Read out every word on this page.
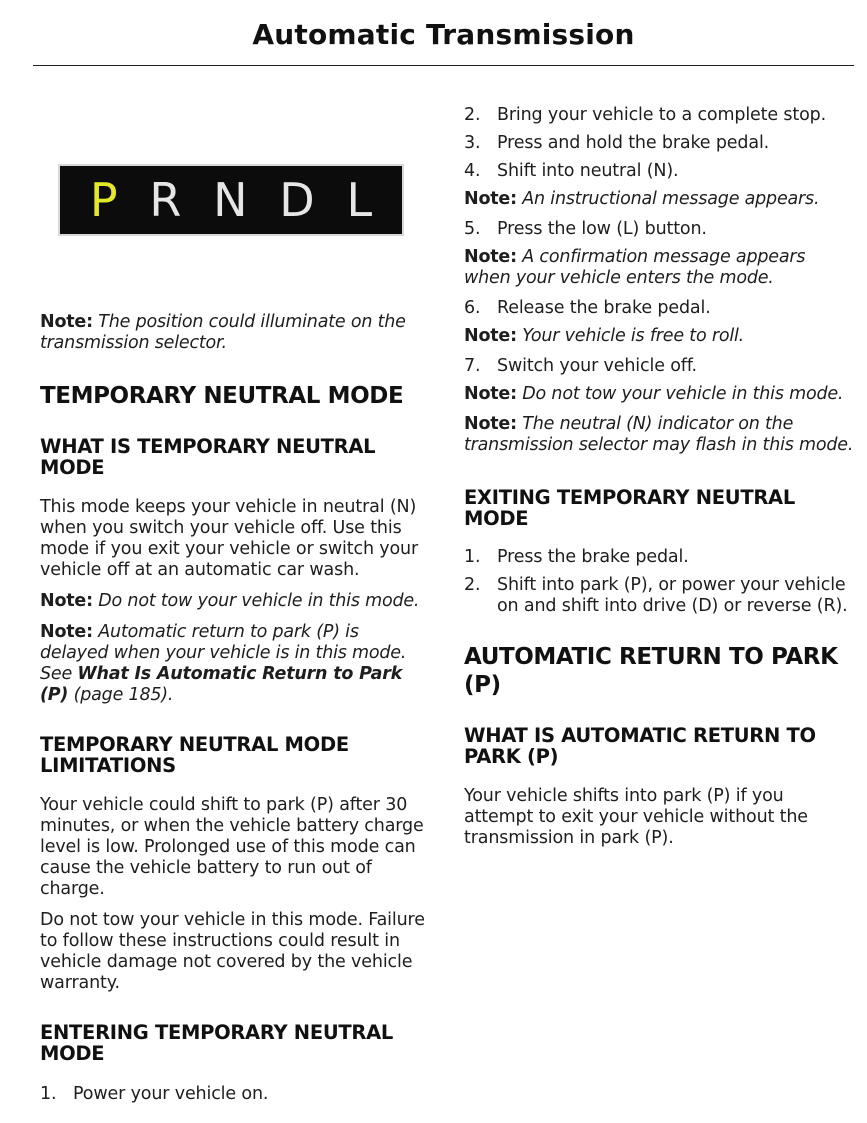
Automatic Transmission
P R N D L

Note: The position could illuminate on the transmission selector.

TEMPORARY NEUTRAL MODE
WHAT IS TEMPORARY NEUTRAL MODE

This mode keeps your vehicle in neutral (N) when you switch your vehicle off. Use this mode if you exit your vehicle or switch your vehicle off at an automatic car wash.

Note: Do not tow your vehicle in this mode.

Note: Automatic return to park (P) is delayed when your vehicle is in this mode. See What Is Automatic Return to Park (P) (page 185).

TEMPORARY NEUTRAL MODE LIMITATIONS

Your vehicle could shift to park (P) after 30 minutes, or when the vehicle battery charge level is low. Prolonged use of this mode can cause the vehicle battery to run out of charge.

Do not tow your vehicle in this mode. Failure to follow these instructions could result in vehicle damage not covered by the vehicle warranty.

ENTERING TEMPORARY NEUTRAL MODE
1. Power your vehicle on.
2. Bring your vehicle to a complete stop.
3. Press and hold the brake pedal.
4. Shift into neutral (N).

Note: An instructional message appears.

5. Press the low (L) button.

Note: A confirmation message appears when your vehicle enters the mode.

6. Release the brake pedal.

Note: Your vehicle is free to roll.

7. Switch your vehicle off.

Note: Do not tow your vehicle in this mode.

Note: The neutral (N) indicator on the transmission selector may flash in this mode.

EXITING TEMPORARY NEUTRAL MODE
1. Press the brake pedal.
2. Shift into park (P), or power your vehicle on and shift into drive (D) or reverse (R).
AUTOMATIC RETURN TO PARK (P)
WHAT IS AUTOMATIC RETURN TO PARK (P)

Your vehicle shifts into park (P) if you attempt to exit your vehicle without the transmission in park (P).
